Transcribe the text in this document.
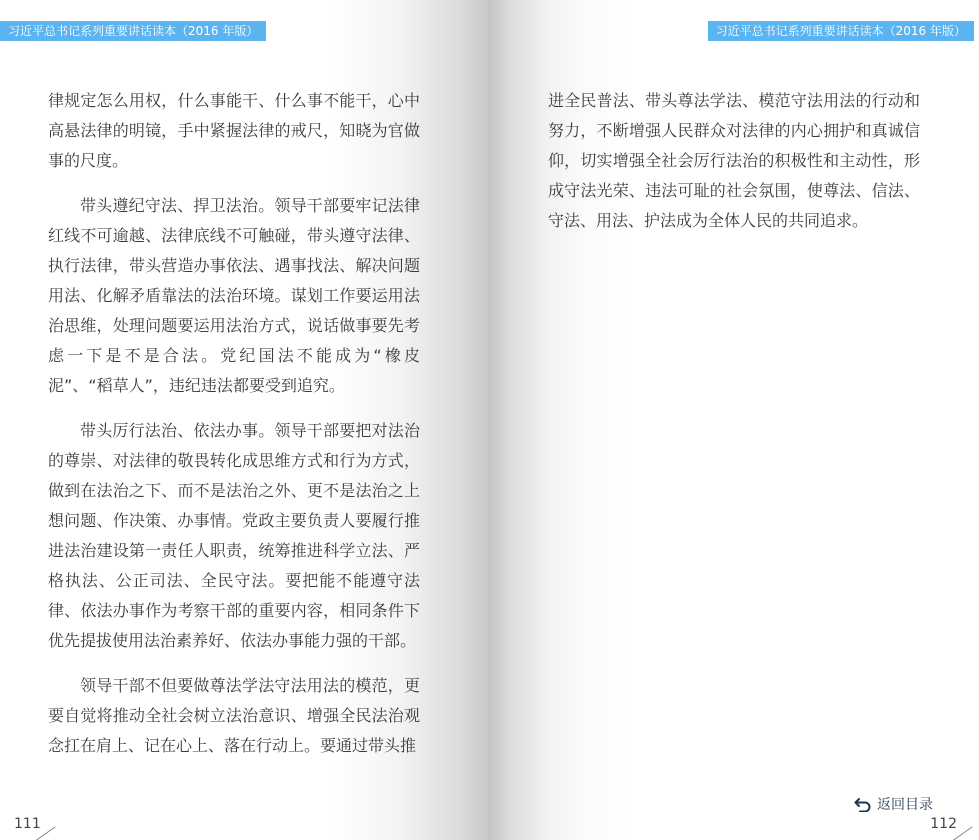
习近平总书记系列重要讲话读本（2016 年版）

律规定怎么用权，什么事能干、什么事不能干，心中高悬法律的明镜，手中紧握法律的戒尺，知晓为官做事的尺度。

带头遵纪守法、捍卫法治。领导干部要牢记法律红线不可逾越、法律底线不可触碰，带头遵守法律、执行法律，带头营造办事依法、遇事找法、解决问题用法、化解矛盾靠法的法治环境。谋划工作要运用法治思维，处理问题要运用法治方式，说话做事要先考虑一下是不是合法。党纪国法不能成为“橡皮泥”、“稻草人”，违纪违法都要受到追究。

带头厉行法治、依法办事。领导干部要把对法治的尊崇、对法律的敬畏转化成思维方式和行为方式，做到在法治之下、而不是法治之外、更不是法治之上想问题、作决策、办事情。党政主要负责人要履行推进法治建设第一责任人职责，统筹推进科学立法、严格执法、公正司法、全民守法。要把能不能遵守法律、依法办事作为考察干部的重要内容，相同条件下优先提拔使用法治素养好、依法办事能力强的干部。

领导干部不但要做尊法学法守法用法的模范，更要自觉将推动全社会树立法治意识、增强全民法治观念扛在肩上、记在心上、落在行动上。要通过带头推

111
习近平总书记系列重要讲话读本（2016 年版）

进全民普法、带头尊法学法、模范守法用法的行动和努力，不断增强人民群众对法律的内心拥护和真诚信仰，切实增强全社会厉行法治的积极性和主动性，形成守法光荣、违法可耻的社会氛围，使尊法、信法、守法、用法、护法成为全体人民的共同追求。

返回目录
112
